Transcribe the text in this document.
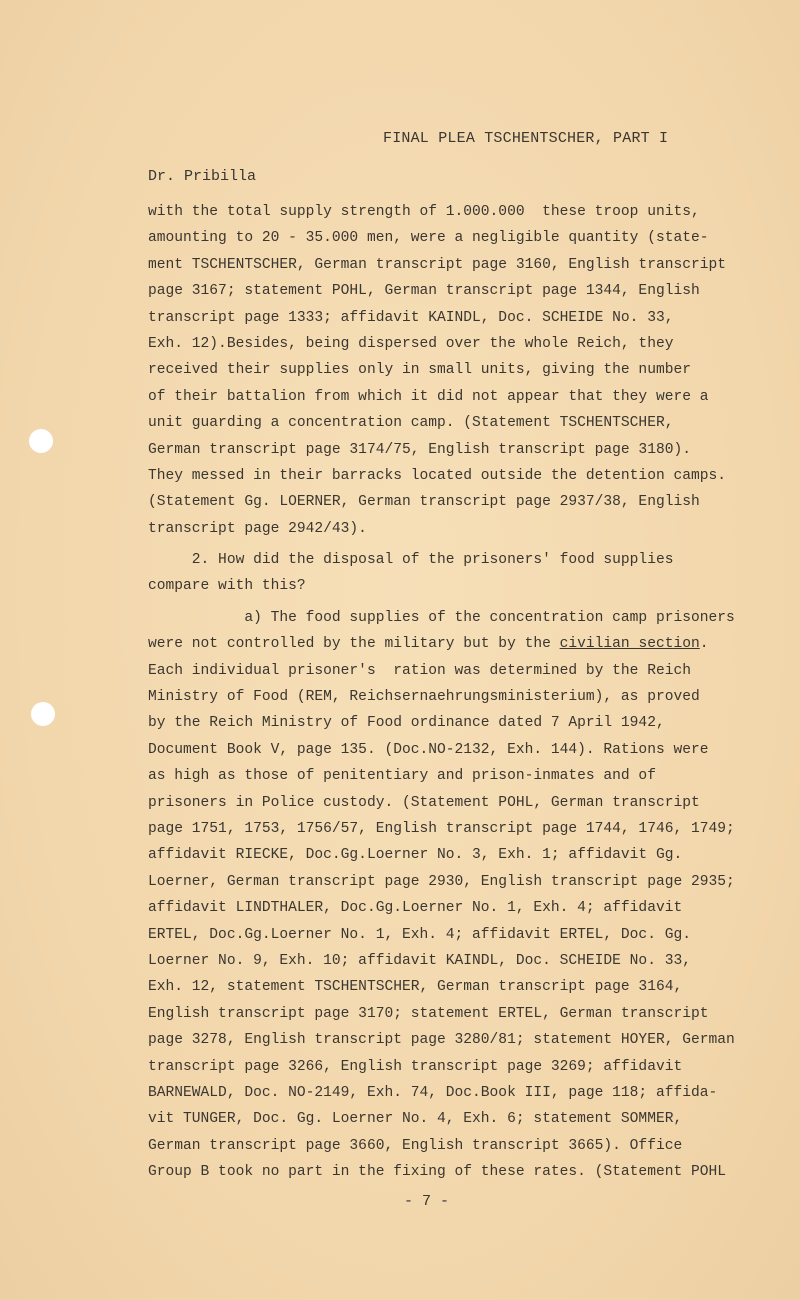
FINAL PLEA TSCHENTSCHER, PART I
Dr. Pribilla
with the total supply strength of 1.000.000  these troop units,
amounting to 20 - 35.000 men, were a negligible quantity (state-
ment TSCHENTSCHER, German transcript page 3160, English transcript
page 3167; statement POHL, German transcript page 1344, English
transcript page 1333; affidavit KAINDL, Doc. SCHEIDE No. 33,
Exh. 12).Besides, being dispersed over the whole Reich, they
received their supplies only in small units, giving the number
of their battalion from which it did not appear that they were a
unit guarding a concentration camp. (Statement TSCHENTSCHER,
German transcript page 3174/75, English transcript page 3180).
They messed in their barracks located outside the detention camps.
(Statement Gg. LOERNER, German transcript page 2937/38, English
transcript page 2942/43).
2. How did the disposal of the prisoners' food supplies
compare with this?
a) The food supplies of the concentration camp prisoners
were not controlled by the military but by the civilian section.
Each individual prisoner's  ration was determined by the Reich
Ministry of Food (REM, Reichsernaehrungsministerium), as proved
by the Reich Ministry of Food ordinance dated 7 April 1942,
Document Book V, page 135. (Doc.NO-2132, Exh. 144). Rations were
as high as those of penitentiary and prison-inmates and of
prisoners in Police custody. (Statement POHL, German transcript
page 1751, 1753, 1756/57, English transcript page 1744, 1746, 1749;
affidavit RIECKE, Doc.Gg.Loerner No. 3, Exh. 1; affidavit Gg.
Loerner, German transcript page 2930, English transcript page 2935;
affidavit LINDTHALER, Doc.Gg.Loerner No. 1, Exh. 4; affidavit
ERTEL, Doc.Gg.Loerner No. 1, Exh. 4; affidavit ERTEL, Doc. Gg.
Loerner No. 9, Exh. 10; affidavit KAINDL, Doc. SCHEIDE No. 33,
Exh. 12, statement TSCHENTSCHER, German transcript page 3164,
English transcript page 3170; statement ERTEL, German transcript
page 3278, English transcript page 3280/81; statement HOYER, German
transcript page 3266, English transcript page 3269; affidavit
BARNEWALD, Doc. NO-2149, Exh. 74, Doc.Book III, page 118; affida-
vit TUNGER, Doc. Gg. Loerner No. 4, Exh. 6; statement SOMMER,
German transcript page 3660, English transcript 3665). Office
Group B took no part in the fixing of these rates. (Statement POHL
- 7 -
